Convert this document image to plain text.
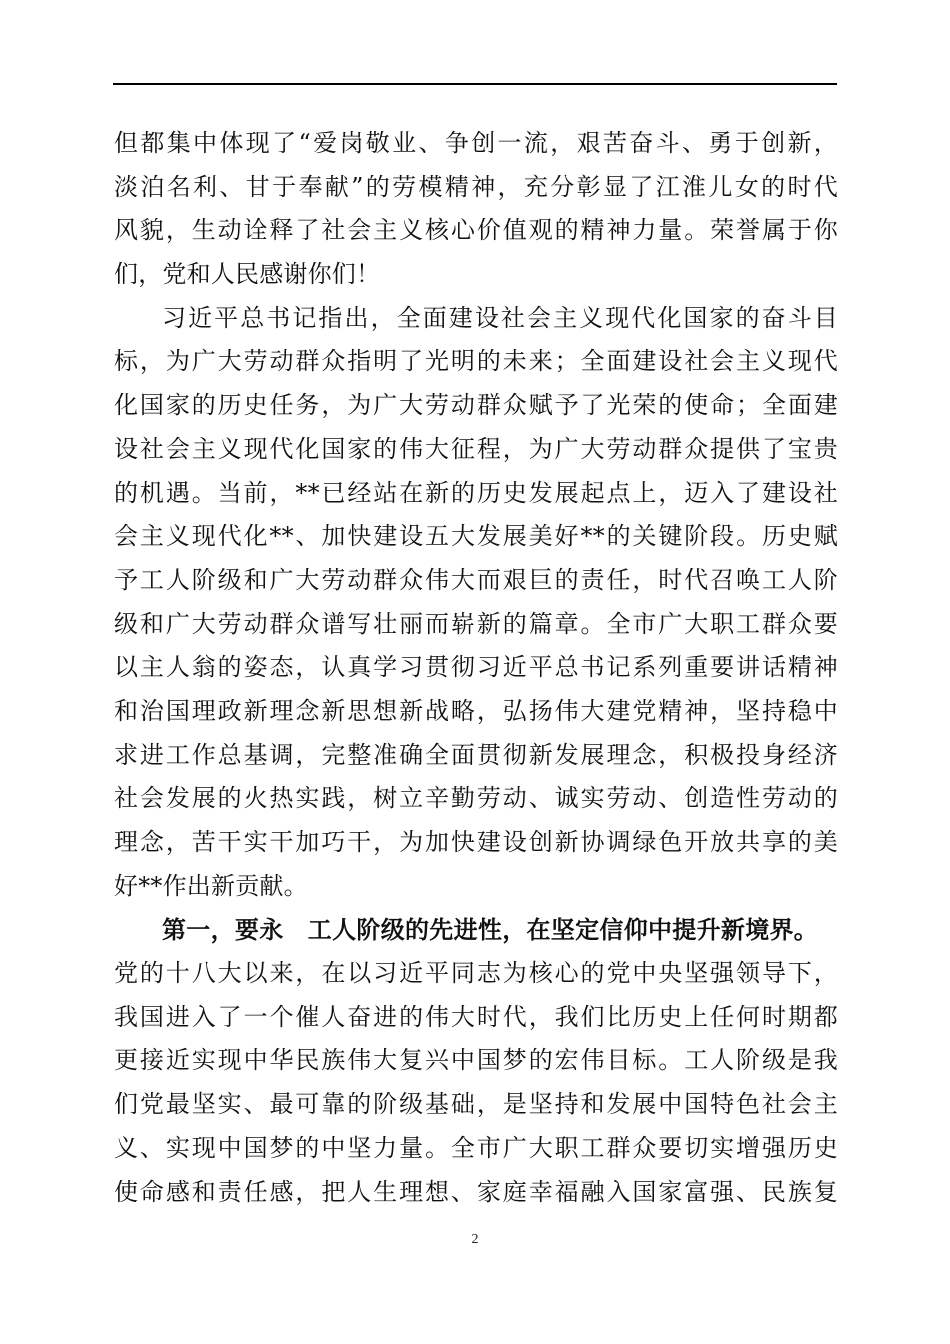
但都集中体现了“爱岗敬业、争创一流，艰苦奋斗、勇于创新，
淡泊名利、甘于奉献”的劳模精神，充分彰显了江淮儿女的时代
风貌，生动诠释了社会主义核心价值观的精神力量。荣誉属于你
们，党和人民感谢你们！
习近平总书记指出，全面建设社会主义现代化国家的奋斗目
标，为广大劳动群众指明了光明的未来；全面建设社会主义现代
化国家的历史任务，为广大劳动群众赋予了光荣的使命；全面建
设社会主义现代化国家的伟大征程，为广大劳动群众提供了宝贵
的机遇。当前，**已经站在新的历史发展起点上，迈入了建设社
会主义现代化**、加快建设五大发展美好**的关键阶段。历史赋
予工人阶级和广大劳动群众伟大而艰巨的责任，时代召唤工人阶
级和广大劳动群众谱写壮丽而崭新的篇章。全市广大职工群众要
以主人翁的姿态，认真学习贯彻习近平总书记系列重要讲话精神
和治国理政新理念新思想新战略，弘扬伟大建党精神，坚持稳中
求进工作总基调，完整准确全面贯彻新发展理念，积极投身经济
社会发展的火热实践，树立辛勤劳动、诚实劳动、创造性劳动的
理念，苦干实干加巧干，为加快建设创新协调绿色开放共享的美
好**作出新贡献。
第一，要永　工人阶级的先进性，在坚定信仰中提升新境界。
党的十八大以来，在以习近平同志为核心的党中央坚强领导下，
我国进入了一个催人奋进的伟大时代，我们比历史上任何时期都
更接近实现中华民族伟大复兴中国梦的宏伟目标。工人阶级是我
们党最坚实、最可靠的阶级基础，是坚持和发展中国特色社会主
义、实现中国梦的中坚力量。全市广大职工群众要切实增强历史
使命感和责任感，把人生理想、家庭幸福融入国家富强、民族复
2
